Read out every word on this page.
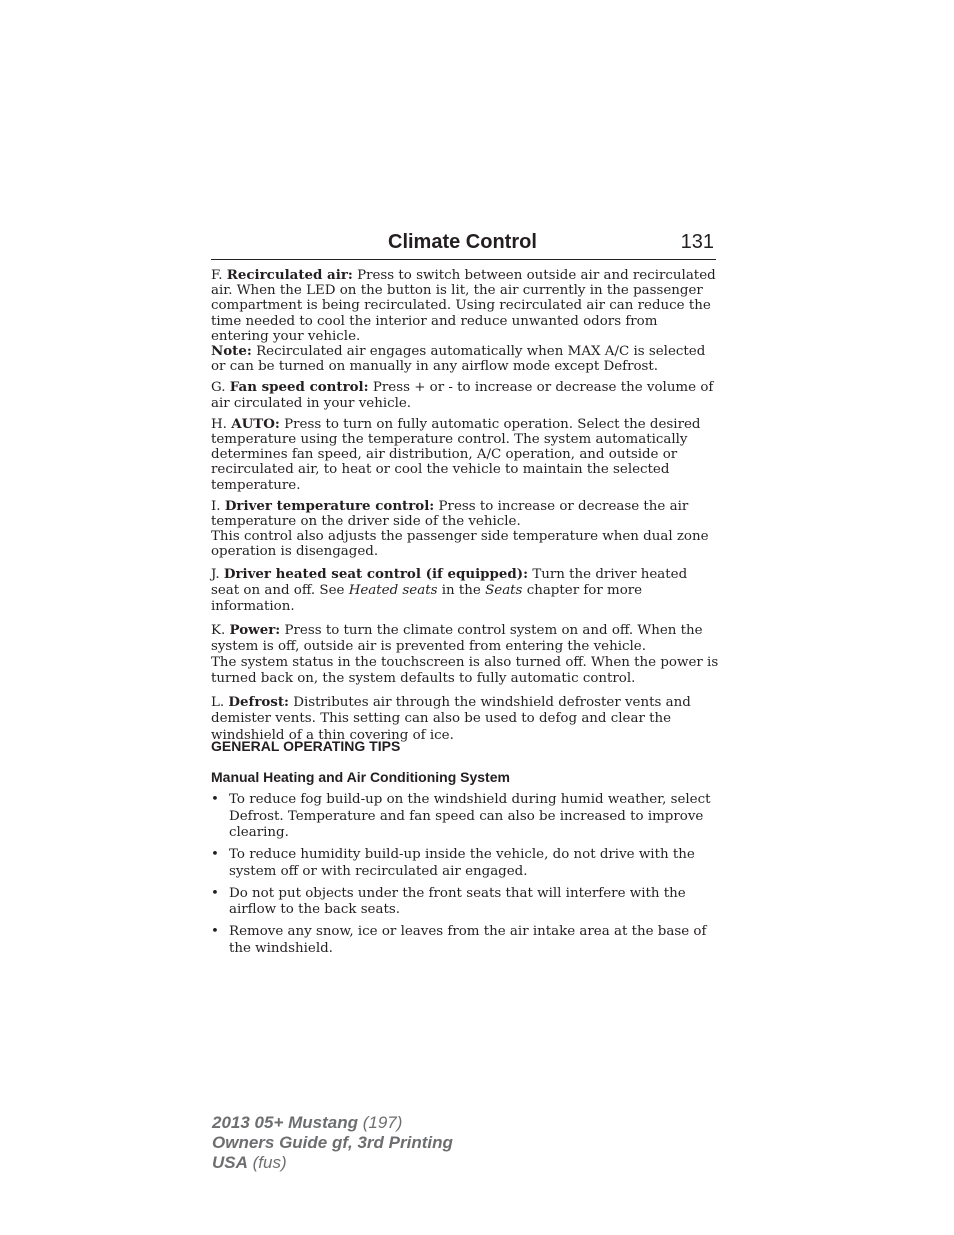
Climate Control	131

F. Recirculated air: Press to switch between outside air and recirculated air. When the LED on the button is lit, the air currently in the passenger compartment is being recirculated. Using recirculated air can reduce the time needed to cool the interior and reduce unwanted odors from entering your vehicle.

Note: Recirculated air engages automatically when MAX A/C is selected or can be turned on manually in any airflow mode except Defrost.

G. Fan speed control: Press + or - to increase or decrease the volume of air circulated in your vehicle.

H. AUTO: Press to turn on fully automatic operation. Select the desired temperature using the temperature control. The system automatically determines fan speed, air distribution, A/C operation, and outside or recirculated air, to heat or cool the vehicle to maintain the selected temperature.

I. Driver temperature control: Press to increase or decrease the air temperature on the driver side of the vehicle.

This control also adjusts the passenger side temperature when dual zone operation is disengaged.

J. Driver heated seat control (if equipped): Turn the driver heated seat on and off. See Heated seats in the Seats chapter for more information.

K. Power: Press to turn the climate control system on and off. When the system is off, outside air is prevented from entering the vehicle.

The system status in the touchscreen is also turned off. When the power is turned back on, the system defaults to fully automatic control.

L. Defrost: Distributes air through the windshield defroster vents and demister vents. This setting can also be used to defog and clear the windshield of a thin covering of ice.

GENERAL OPERATING TIPS
Manual Heating and Air Conditioning System
• To reduce fog build-up on the windshield during humid weather, select Defrost. Temperature and fan speed can also be increased to improve clearing.
• To reduce humidity build-up inside the vehicle, do not drive with the system off or with recirculated air engaged.
• Do not put objects under the front seats that will interfere with the airflow to the back seats.
• Remove any snow, ice or leaves from the air intake area at the base of the windshield.
2013 05+ Mustang (197)
Owners Guide gf, 3rd Printing
USA (fus)
